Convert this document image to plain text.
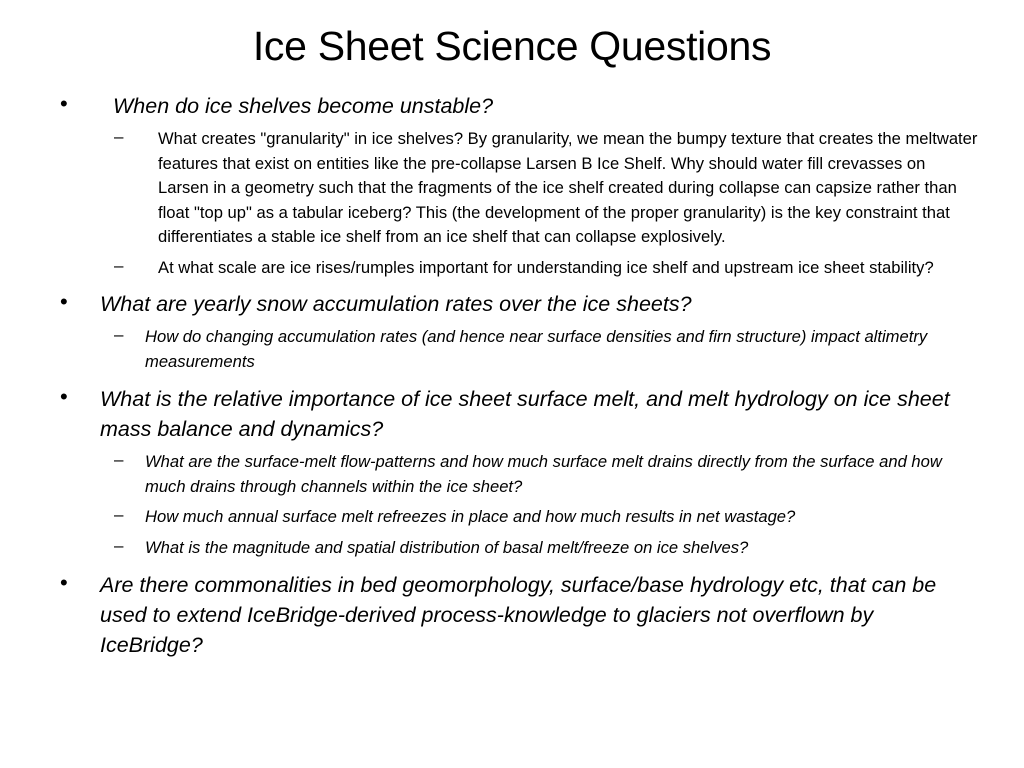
Ice Sheet Science Questions
• When do ice shelves become unstable?
– What creates "granularity" in ice shelves? By granularity, we mean the bumpy texture that creates the meltwater features that exist on entities like the pre-collapse Larsen B Ice Shelf. Why should water fill crevasses on Larsen in a geometry such that the fragments of the ice shelf created during collapse can capsize rather than float "top up" as a tabular iceberg? This (the development of the proper granularity) is the key constraint that differentiates a stable ice shelf from an ice shelf that can collapse explosively.
– At what scale are ice rises/rumples important for understanding ice shelf and upstream ice sheet stability?
• What are yearly snow accumulation rates over the ice sheets?
– How do changing accumulation rates (and hence near surface densities and firn structure) impact altimetry measurements
• What is the relative importance of ice sheet surface melt, and melt hydrology on ice sheet mass balance and dynamics?
– What are the surface-melt flow-patterns and how much surface melt drains directly from the surface and how much drains through channels within the ice sheet?
– How much annual surface melt refreezes in place and how much results in net wastage?
– What is the magnitude and spatial distribution of basal melt/freeze on ice shelves?
• Are there commonalities in bed geomorphology, surface/base hydrology etc, that can be used to extend IceBridge-derived process-knowledge to glaciers not overflown by IceBridge?
